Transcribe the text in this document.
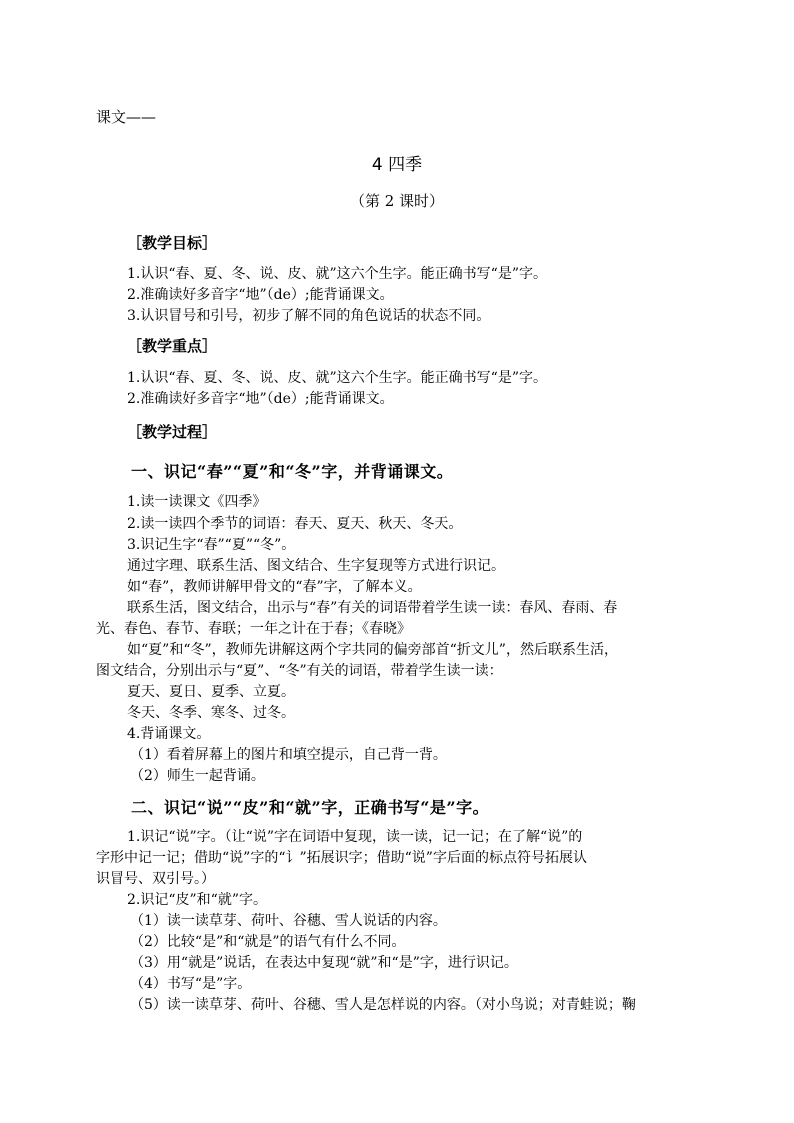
课文——
4 四季
（第 2 课时）
［教学目标］
1.认识“春、夏、冬、说、皮、就”这六个生字。能正确书写“是”字。
2.准确读好多音字“地”（de）;能背诵课文。
3.认识冒号和引号，初步了解不同的角色说话的状态不同。
［教学重点］
1.认识“春、夏、冬、说、皮、就”这六个生字。能正确书写“是”字。
2.准确读好多音字“地”（de）;能背诵课文。
［教学过程］
一、识记“春”“夏”和“冬”字，并背诵课文。
1.读一读课文《四季》
2.读一读四个季节的词语：春天、夏天、秋天、冬天。
3.识记生字“春”“夏”“冬”。
通过字理、联系生活、图文结合、生字复现等方式进行识记。
如“春”，教师讲解甲骨文的“春”字，了解本义。
联系生活，图文结合，出示与“春”有关的词语带着学生读一读：春风、春雨、春
光、春色、春节、春联；一年之计在于春；《春晓》
如“夏”和“冬”，教师先讲解这两个字共同的偏旁部首“折文儿”，然后联系生活，
图文结合，分别出示与“夏”、“冬”有关的词语，带着学生读一读：
夏天、夏日、夏季、立夏。
冬天、冬季、寒冬、过冬。
4.背诵课文。
（1）看着屏幕上的图片和填空提示，自己背一背。
（2）师生一起背诵。
二、识记“说”“皮”和“就”字，正确书写“是”字。
1.识记“说”字。（让“说”字在词语中复现，读一读，记一记；在了解“说”的
字形中记一记；借助“说”字的“讠”拓展识字；借助“说”字后面的标点符号拓展认
识冒号、双引号。）
2.识记“皮”和“就”字。
（1）读一读草芽、荷叶、谷穗、雪人说话的内容。
（2）比较“是”和“就是”的语气有什么不同。
（3）用“就是”说话，在表达中复现“就”和“是”字，进行识记。
（4）书写“是”字。
（5）读一读草芽、荷叶、谷穗、雪人是怎样说的内容。（对小鸟说；对青蛙说；鞠
